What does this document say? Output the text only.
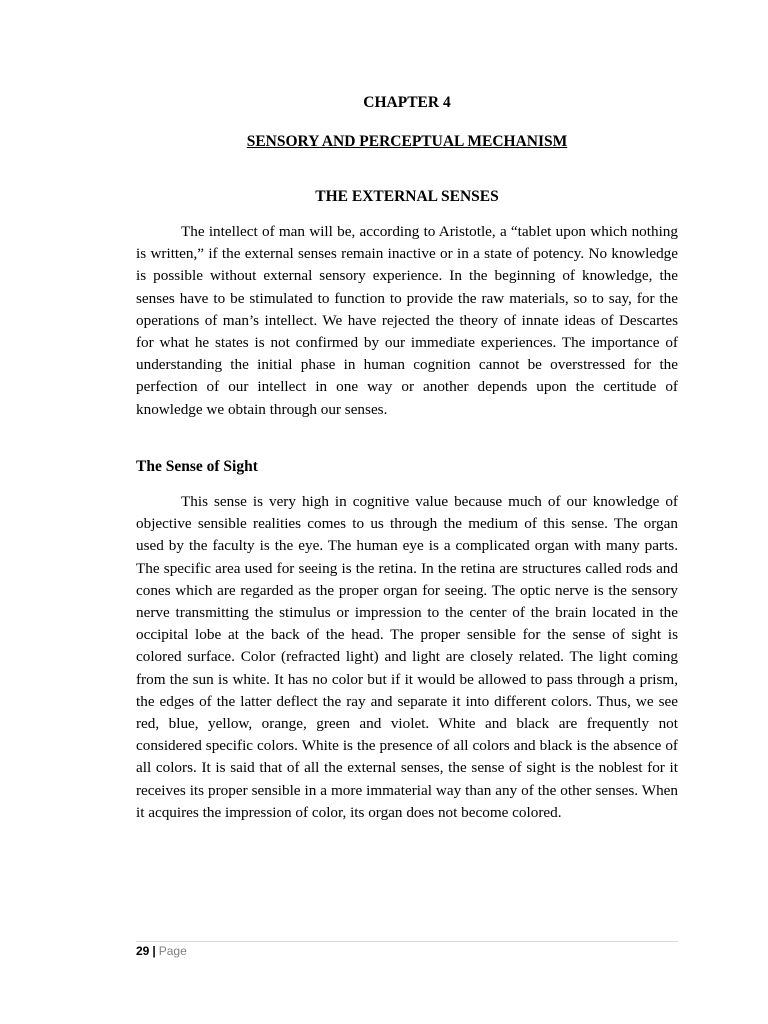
CHAPTER 4
SENSORY AND PERCEPTUAL MECHANISM
THE EXTERNAL SENSES

The intellect of man will be, according to Aristotle, a “tablet upon which nothing is written,” if the external senses remain inactive or in a state of potency. No knowledge is possible without external sensory experience. In the beginning of knowledge, the senses have to be stimulated to function to provide the raw materials, so to say, for the operations of man’s intellect. We have rejected the theory of innate ideas of Descartes for what he states is not confirmed by our immediate experiences. The importance of understanding the initial phase in human cognition cannot be overstressed for the perfection of our intellect in one way or another depends upon the certitude of knowledge we obtain through our senses.

The Sense of Sight

This sense is very high in cognitive value because much of our knowledge of objective sensible realities comes to us through the medium of this sense. The organ used by the faculty is the eye. The human eye is a complicated organ with many parts. The specific area used for seeing is the retina. In the retina are structures called rods and cones which are regarded as the proper organ for seeing. The optic nerve is the sensory nerve transmitting the stimulus or impression to the center of the brain located in the occipital lobe at the back of the head. The proper sensible for the sense of sight is colored surface. Color (refracted light) and light are closely related. The light coming from the sun is white. It has no color but if it would be allowed to pass through a prism, the edges of the latter deflect the ray and separate it into different colors. Thus, we see red, blue, yellow, orange, green and violet. White and black are frequently not considered specific colors. White is the presence of all colors and black is the absence of all colors. It is said that of all the external senses, the sense of sight is the noblest for it receives its proper sensible in a more immaterial way than any of the other senses. When it acquires the impression of color, its organ does not become colored.

29 | Page
